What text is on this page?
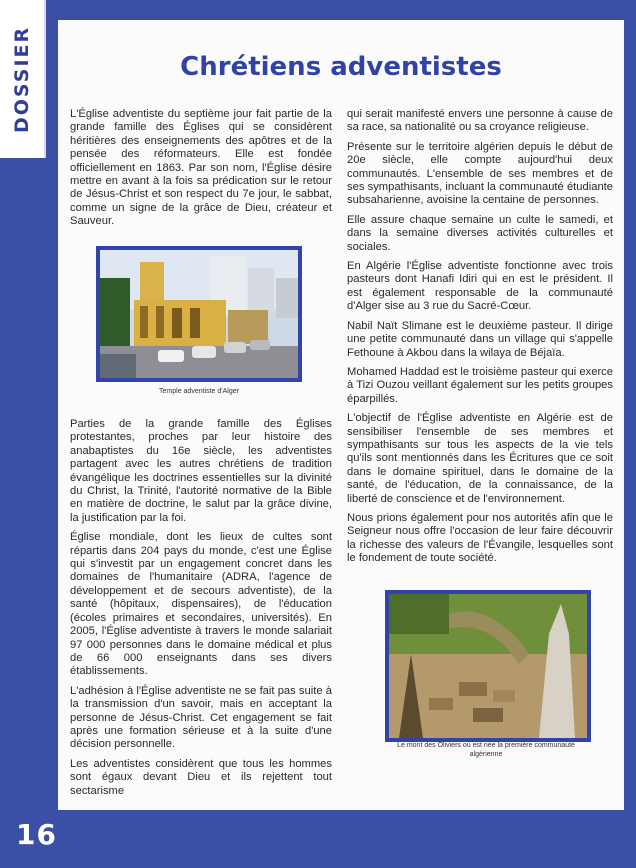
DOSSIER	Chrétiens adventistes

L'Église adventiste du septième jour fait partie de la grande famille des Églises qui se considèrent héritières des enseignements des apôtres et de la pensée des réformateurs. Elle est fondée officiellement en 1863. Par son nom, l'Église désire mettre en avant à la fois sa prédication sur le retour de Jésus-Christ et son respect du 7e jour, le sabbat, comme un signe de la grâce de Dieu, créateur et Sauveur.

Temple adventiste d'Alger

Parties de la grande famille des Églises protestantes, proches par leur histoire des anabaptistes du 16e siècle, les adventistes partagent avec les autres chrétiens de tradition évangélique les doctrines essentielles sur la divinité du Christ, la Trinité, l'autorité normative de la Bible en matière de doctrine, le salut par la grâce divine, la justification par la foi.

Église mondiale, dont les lieux de cultes sont répartis dans 204 pays du monde, c'est une Église qui s'investit par un engagement concret dans les domaines de l'humanitaire (ADRA, l'agence de développement et de secours adventiste), de la santé (hôpitaux, dispensaires), de l'éducation (écoles primaires et secondaires, universités). En 2005, l'Église adventiste à travers le monde salariait 97 000 personnes dans le domaine médical et plus de 66 000 enseignants dans ses divers établissements.

L'adhésion à l'Église adventiste ne se fait pas suite à la transmission d'un savoir, mais en acceptant la personne de Jésus-Christ. Cet engagement se fait après une formation sérieuse et à la suite d'une décision personnelle.

Les adventistes considèrent que tous les hommes sont égaux devant Dieu et ils rejettent tout sectarisme

qui serait manifesté envers une personne à cause de sa race, sa nationalité ou sa croyance religieuse.

Présente sur le territoire algérien depuis le début de 20e siècle, elle compte aujourd'hui deux communautés. L'ensemble de ses membres et de ses sympathisants, incluant la communauté étudiante subsaharienne, avoisine la centaine de personnes.

Elle assure chaque semaine un culte le samedi, et dans la semaine diverses activités culturelles et sociales.

En Algérie l'Église adventiste fonctionne avec trois pasteurs dont Hanafi Idiri qui en est le président. Il est également responsable de la communauté d'Alger sise au 3 rue du Sacré-Cœur.

Nabil Naït Slimane est le deuxième pasteur. Il dirige une petite communauté dans un village qui s'appelle Fethoune à Akbou dans la wilaya de Béjaïa.

Mohamed Haddad est le troisième pasteur qui exerce à Tizi Ouzou veillant également sur les petits groupes éparpillés.

L'objectif de l'Église adventiste en Algérie est de sensibiliser l'ensemble de ses membres et sympathisants sur tous les aspects de la vie tels qu'ils sont mentionnés dans les Écritures que ce soit dans le domaine spirituel, dans le domaine de la santé, de l'éducation, de la connaissance, de la liberté de conscience et de l'environnement.

Nous prions également pour nos autorités afin que le Seigneur nous offre l'occasion de leur faire découvrir la richesse des valeurs de l'Évangile, lesquelles sont le fondement de toute société.

Le mont des Oliviers où est née la première communauté algérienne
16
